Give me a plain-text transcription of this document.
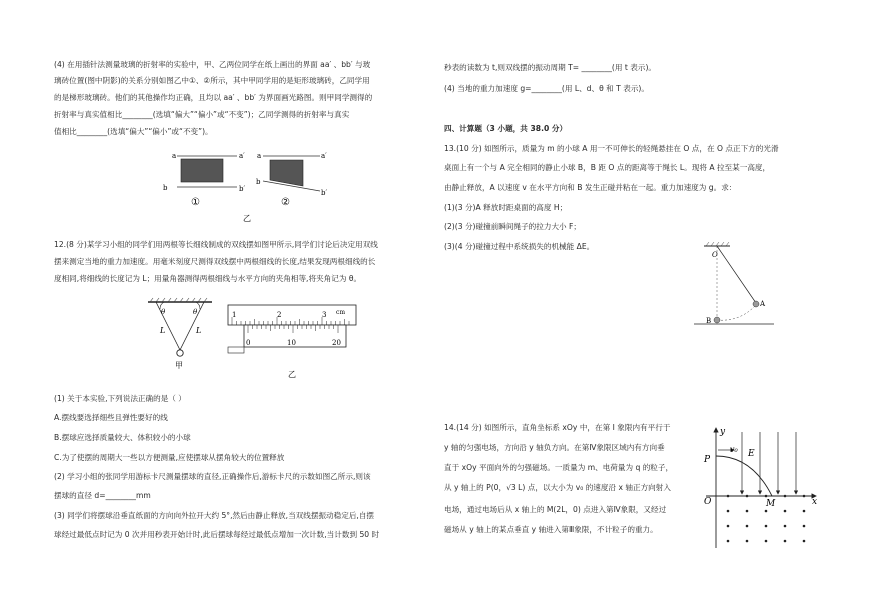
(4) 在用插针法测量玻璃的折射率的实验中，甲、乙两位同学在纸上画出的界面 aa′ 、bb′ 与玻
璃砖位置(图中阴影)的关系分别如图乙中①、②所示，其中甲同学用的是矩形玻璃砖，乙同学用
的是梯形玻璃砖。他们的其他操作均正确，且均以 aa′ 、bb′ 为界面画光路图。则甲同学测得的
折射率与真实值相比________(选填“偏大”“偏小”或“不变”)；乙同学测得的折射率与真实
值相比________(选填“偏大”“偏小”或“不变”)。
a	a′
b	b′
①
a	a′
b
b′
②
乙
12.(8 分)某学习小组的同学们用两根等长细线制成的双线摆如图甲所示,同学们讨论后决定用双线
摆来测定当地的重力加速度。用毫米刻度尺测得双线摆中两根细线的长度,结果发现两根细线的长
度相同,将细线的长度记为 L；用量角器测得两根细线与水平方向的夹角相等,将夹角记为 θ。
θ	θ
L	L
甲
1	2	3 cm
0	10	20
乙
(1) 关于本实验,下列说法正确的是（ ）
A.摆线要选择细些且弹性要好的线
B.摆球应选择质量较大、体积较小的小球
C.为了使摆的周期大一些以方便测量,应使摆球从摆角较大的位置释放
(2) 学习小组的张同学用游标卡尺测量摆球的直径,正确操作后,游标卡尺的示数如图乙所示,则该
摆球的直径 d=________mm
(3) 同学们将摆球沿垂直纸面的方向向外拉开大约 5°,然后由静止释放,当双线摆振动稳定后,自摆
球经过最低点时记为 0 次并用秒表开始计时,此后摆球每经过最低点增加一次计数,当计数到 50 时
秒表的读数为 t,则双线摆的振动周期 T= ________(用 t 表示)。
(4) 当地的重力加速度 g=________(用 L、d、θ 和 T 表示)。
四、计算题（3 小题，共 38.0 分）
13.(10 分) 如图所示，质量为 m 的小球 A 用一不可伸长的轻绳悬挂在 O 点，在 O 点正下方的光滑
桌面上有一个与 A 完全相同的静止小球 B，B 距 O 点的距离等于绳长 L。现将 A 拉至某一高度，
由静止释放，A 以速度 v 在水平方向和 B 发生正碰并粘在一起。重力加速度为 g。求：
(1)(3 分)A 释放时距桌面的高度 H；
(2)(3 分)碰撞前瞬间绳子的拉力大小 F；
(3)(4 分)碰撞过程中系统损失的机械能 ΔE。
O
A
B
14.(14 分) 如图所示，直角坐标系 xOy 中，在第 I 象限内有平行于
y 轴的匀强电场，方向沿 y 轴负方向。在第Ⅳ象限区域内有方向垂
直于 xOy 平面向外的匀强磁场。一质量为 m、电荷量为 q 的粒子，
从 y 轴上的 P(0，√3 L) 点，以大小为 v₀ 的速度沿 x 轴正方向射入
电场，通过电场后从 x 轴上的 M(2L，0) 点进入第Ⅳ象限，又经过
磁场从 y 轴上的某点垂直 y 轴进入第Ⅲ象限，不计粒子的重力。
y
x
O
P
v₀ E
M
